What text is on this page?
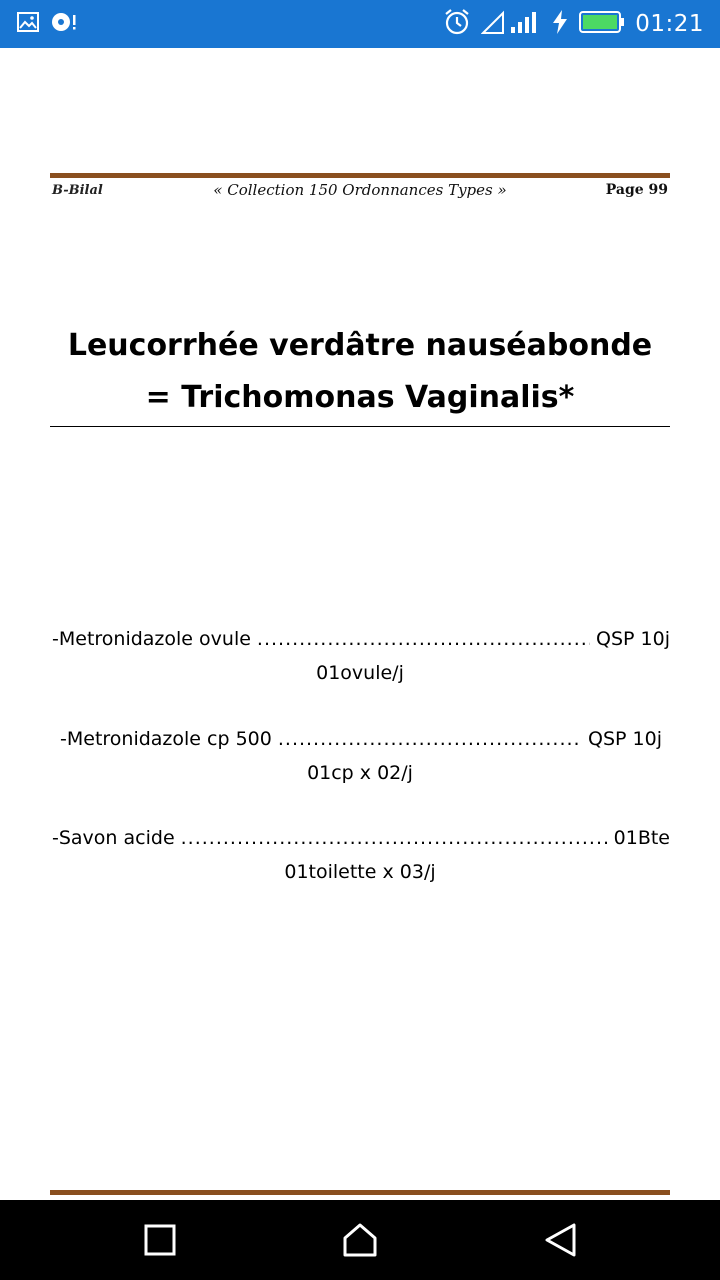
01:21
B-Bilal	« Collection 150 Ordonnances Types »	Page 99
Leucorrhée verdâtre nauséabonde
= Trichomonas Vaginalis*
-Metronidazole ovule .....	QSP 10j
01ovule/j
-Metronidazole cp 500 .....	QSP 10j
01cp x 02/j
-Savon acide .....	01Bte
01toilette x 03/j
